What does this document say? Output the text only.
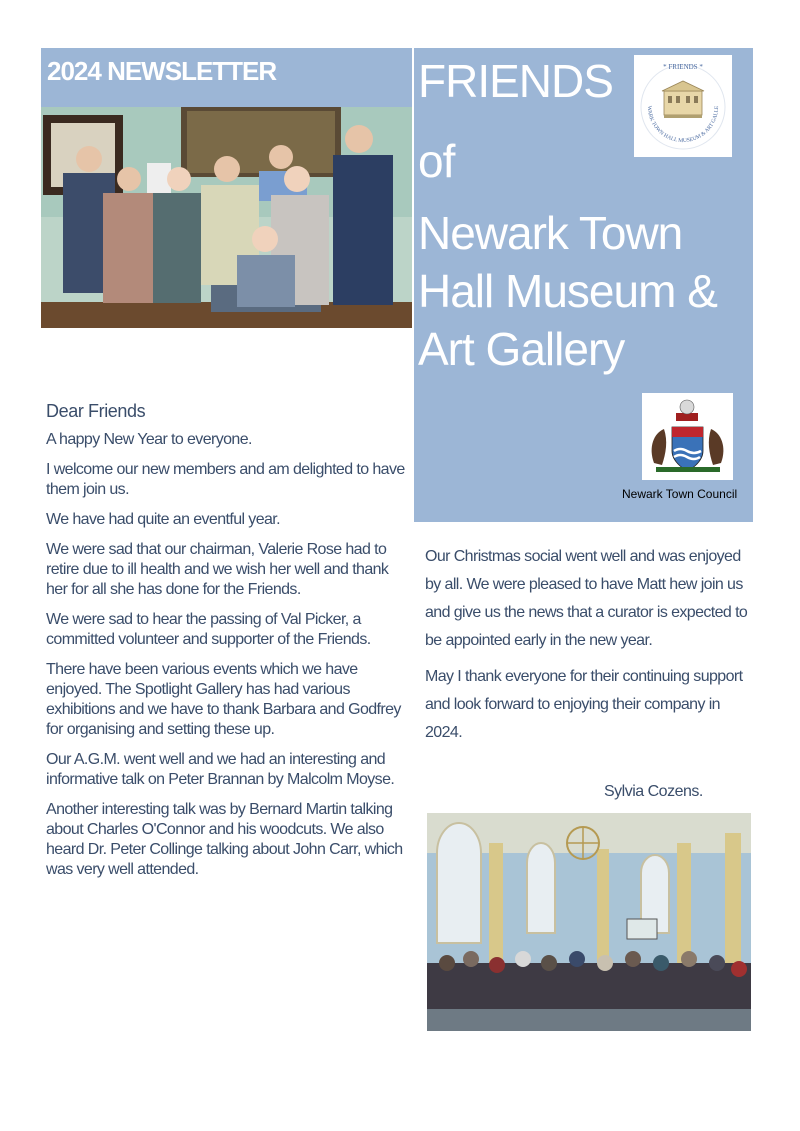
2024 NEWSLETTER	FRIENDS
of
Newark Town
Hall Museum &
Art Gallery
* FRIENDS *
WARK TOWN HALL MUSEUM & ART GALLE
Newark Town Council
Dear Friends

A happy New Year to everyone.

I welcome our new members and am delighted to have them join us.

We have had quite an eventful year.

We were sad that our chairman, Valerie Rose had to retire due to ill health and we wish her well and thank her for all she has done for the Friends.

We were sad to hear the passing of Val Picker, a committed volunteer and supporter of the Friends.

There have been various events which we have enjoyed. The Spotlight Gallery has had various exhibitions and we have to thank Barbara and Godfrey for organising and setting these up.

Our A.G.M. went well and we had an interesting and informative talk on Peter Brannan by Malcolm Moyse.

Another interesting talk was by Bernard Martin talking about Charles O'Connor and his woodcuts. We also heard Dr. Peter Collinge talking about John Carr, which was very well attended.

Our Christmas social went well and was enjoyed by all. We were pleased to have Matt hew join us and give us the news that a curator is expected to be appointed early in the new year.

May I thank everyone for their continuing support and look forward to enjoying their company in 2024.

Sylvia Cozens.
